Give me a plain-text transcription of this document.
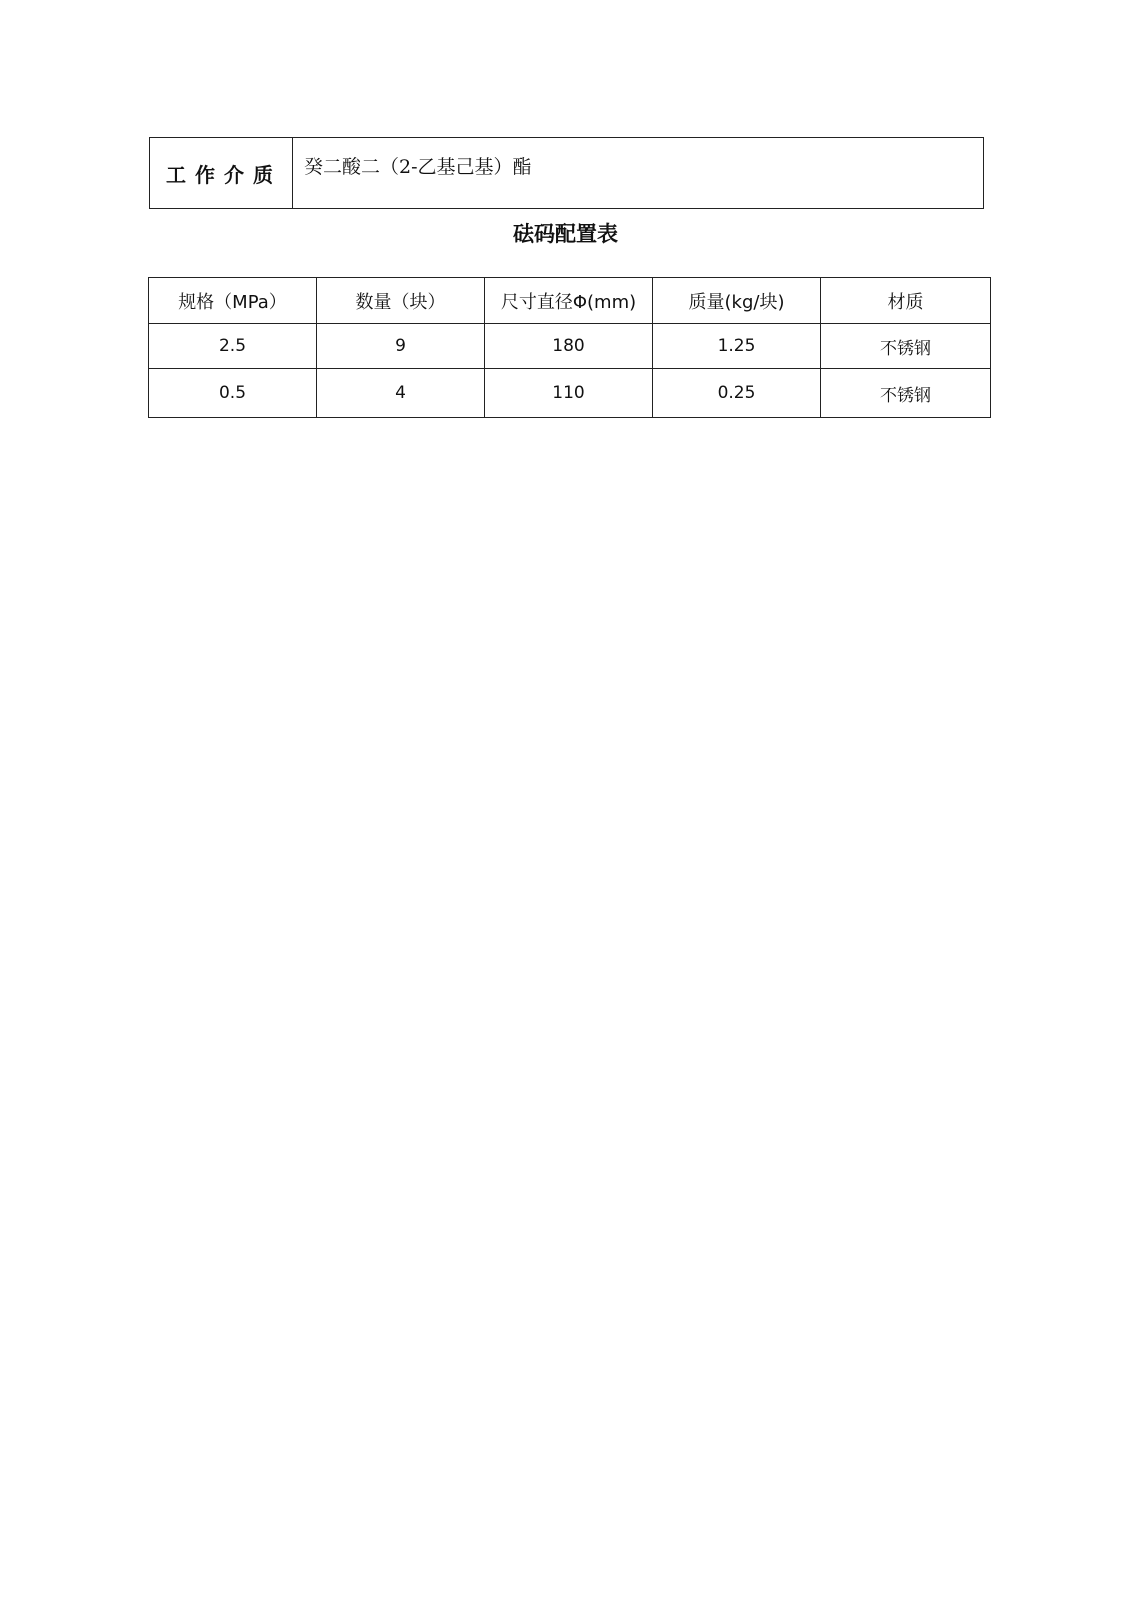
工作介质	癸二酸二（2-乙基己基）酯
砝码配置表
规格（MPa）	数量（块）	尺寸直径Φ(mm)	质量(kg/块)	材质
2.5	9	180	1.25	不锈钢
0.5	4	110	0.25	不锈钢
